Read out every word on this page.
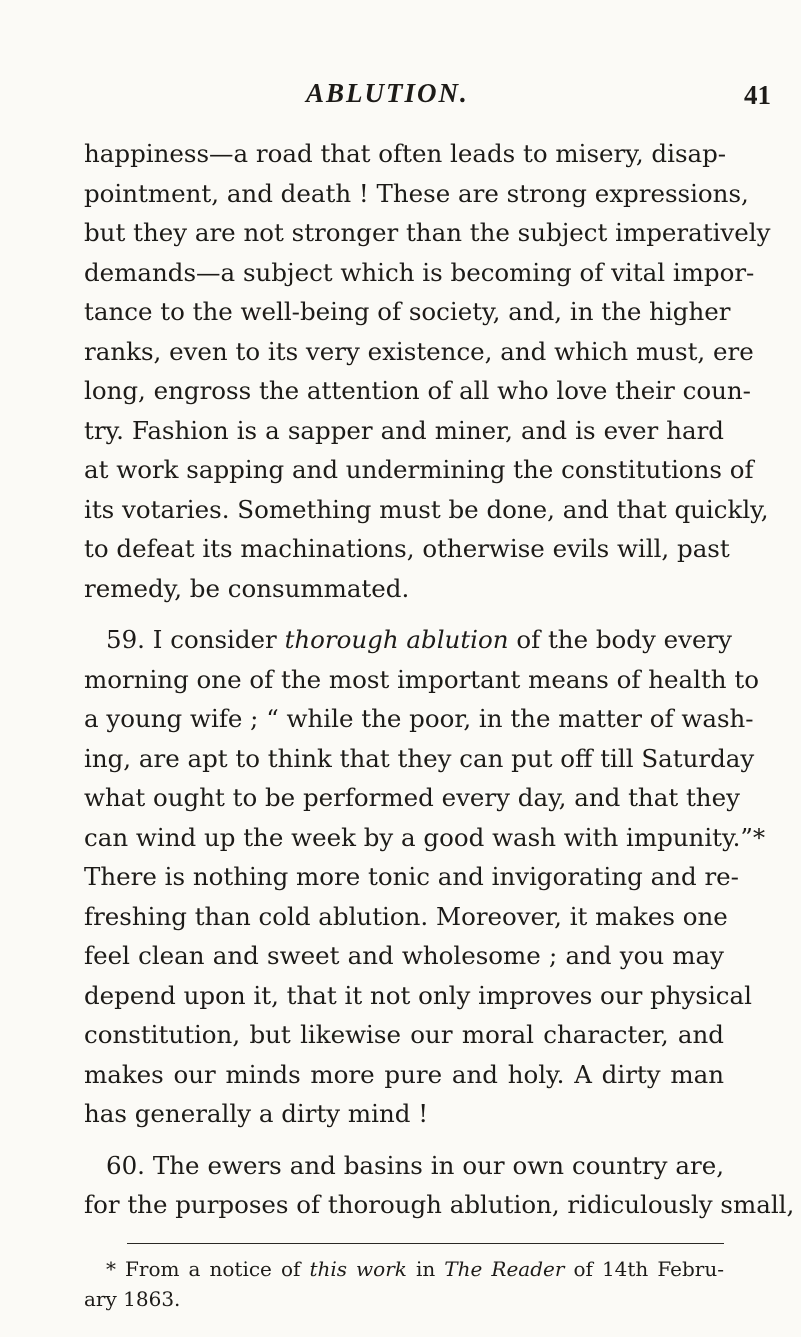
ABLUTION.	41
happiness—a road that often leads to misery, disap-
pointment, and death ! These are strong expressions,
but they are not stronger than the subject imperatively
demands—a subject which is becoming of vital impor-
tance to the well-being of society, and, in the higher
ranks, even to its very existence, and which must, ere
long, engross the attention of all who love their coun-
try. Fashion is a sapper and miner, and is ever hard
at work sapping and undermining the constitutions of
its votaries. Something must be done, and that quickly,
to defeat its machinations, otherwise evils will, past
remedy, be consummated.
59. I consider thorough ablution of the body every
morning one of the most important means of health to
a young wife ; “ while the poor, in the matter of wash-
ing, are apt to think that they can put off till Saturday
what ought to be performed every day, and that they
can wind up the week by a good wash with impunity.”*
There is nothing more tonic and invigorating and re-
freshing than cold ablution. Moreover, it makes one
feel clean and sweet and wholesome ; and you may
depend upon it, that it not only improves our physical
constitution, but likewise our moral character, and
makes our minds more pure and holy. A dirty man
has generally a dirty mind !
60. The ewers and basins in our own country are,
for the purposes of thorough ablution, ridiculously small,
* From a notice of this work in The Reader of 14th Febru-
ary 1863.
